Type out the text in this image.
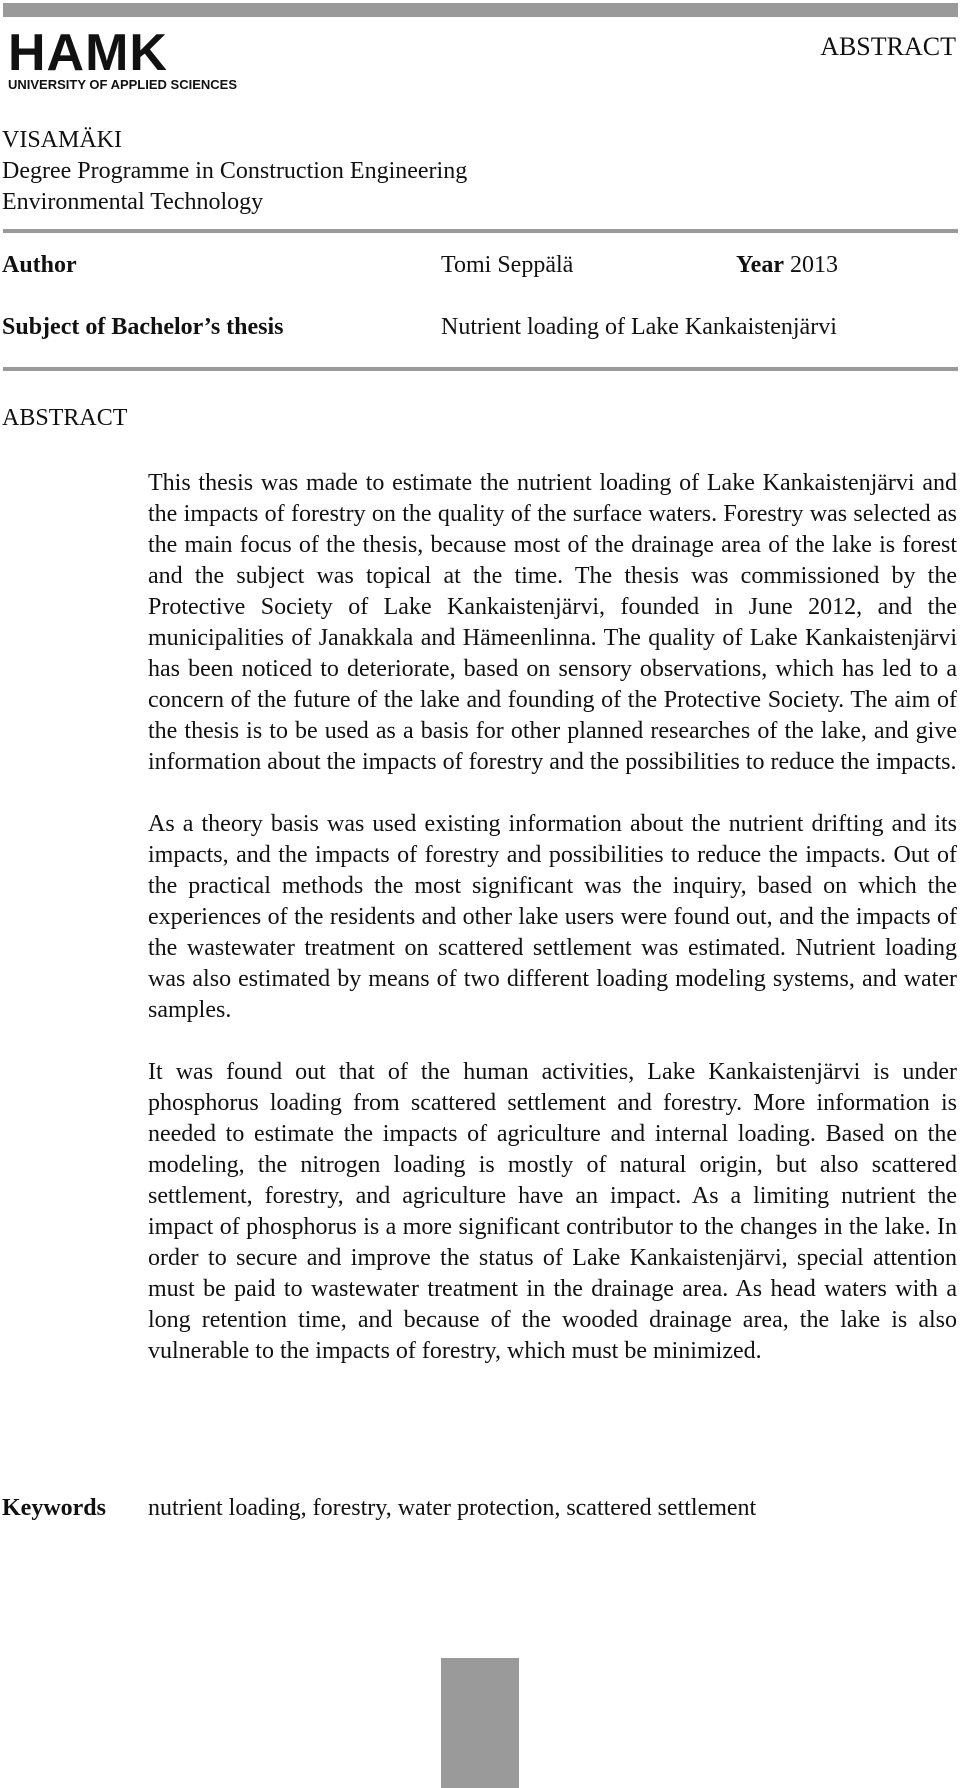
HAMK
UNIVERSITY OF APPLIED SCIENCES
ABSTRACT
VISAMÄKI
Degree Programme in Construction Engineering
Environmental Technology
Author	Tomi Seppälä	Year 2013
Subject of Bachelor’s thesis	Nutrient loading of Lake Kankaistenjärvi
ABSTRACT

This thesis was made to estimate the nutrient loading of Lake Kankaistenjärvi and the impacts of forestry on the quality of the surface waters. Forestry was selected as the main focus of the thesis, because most of the drainage area of the lake is forest and the subject was topical at the time. The thesis was commissioned by the Protective Society of Lake Kankaistenjärvi, founded in June 2012, and the municipalities of Janakkala and Hämeenlinna. The quality of Lake Kankaistenjärvi has been noticed to deteriorate, based on sensory observations, which has led to a concern of the future of the lake and founding of the Protective Society. The aim of the thesis is to be used as a basis for other planned researches of the lake, and give information about the impacts of forestry and the possibilities to reduce the impacts.

As a theory basis was used existing information about the nutrient drifting and its impacts, and the impacts of forestry and possibilities to reduce the impacts. Out of the practical methods the most significant was the inquiry, based on which the experiences of the residents and other lake users were found out, and the impacts of the wastewater treatment on scattered settlement was estimated. Nutrient loading was also estimated by means of two different loading modeling systems, and water samples.

It was found out that of the human activities, Lake Kankaistenjärvi is under phosphorus loading from scattered settlement and forestry. More information is needed to estimate the impacts of agriculture and internal loading. Based on the modeling, the nitrogen loading is mostly of natural origin, but also scattered settlement, forestry, and agriculture have an impact. As a limiting nutrient the impact of phosphorus is a more significant contributor to the changes in the lake. In order to secure and improve the status of Lake Kankaistenjärvi, special attention must be paid to wastewater treatment in the drainage area. As head waters with a long retention time, and because of the wooded drainage area, the lake is also vulnerable to the impacts of forestry, which must be minimized.

Keywords nutrient loading, forestry, water protection, scattered settlement
